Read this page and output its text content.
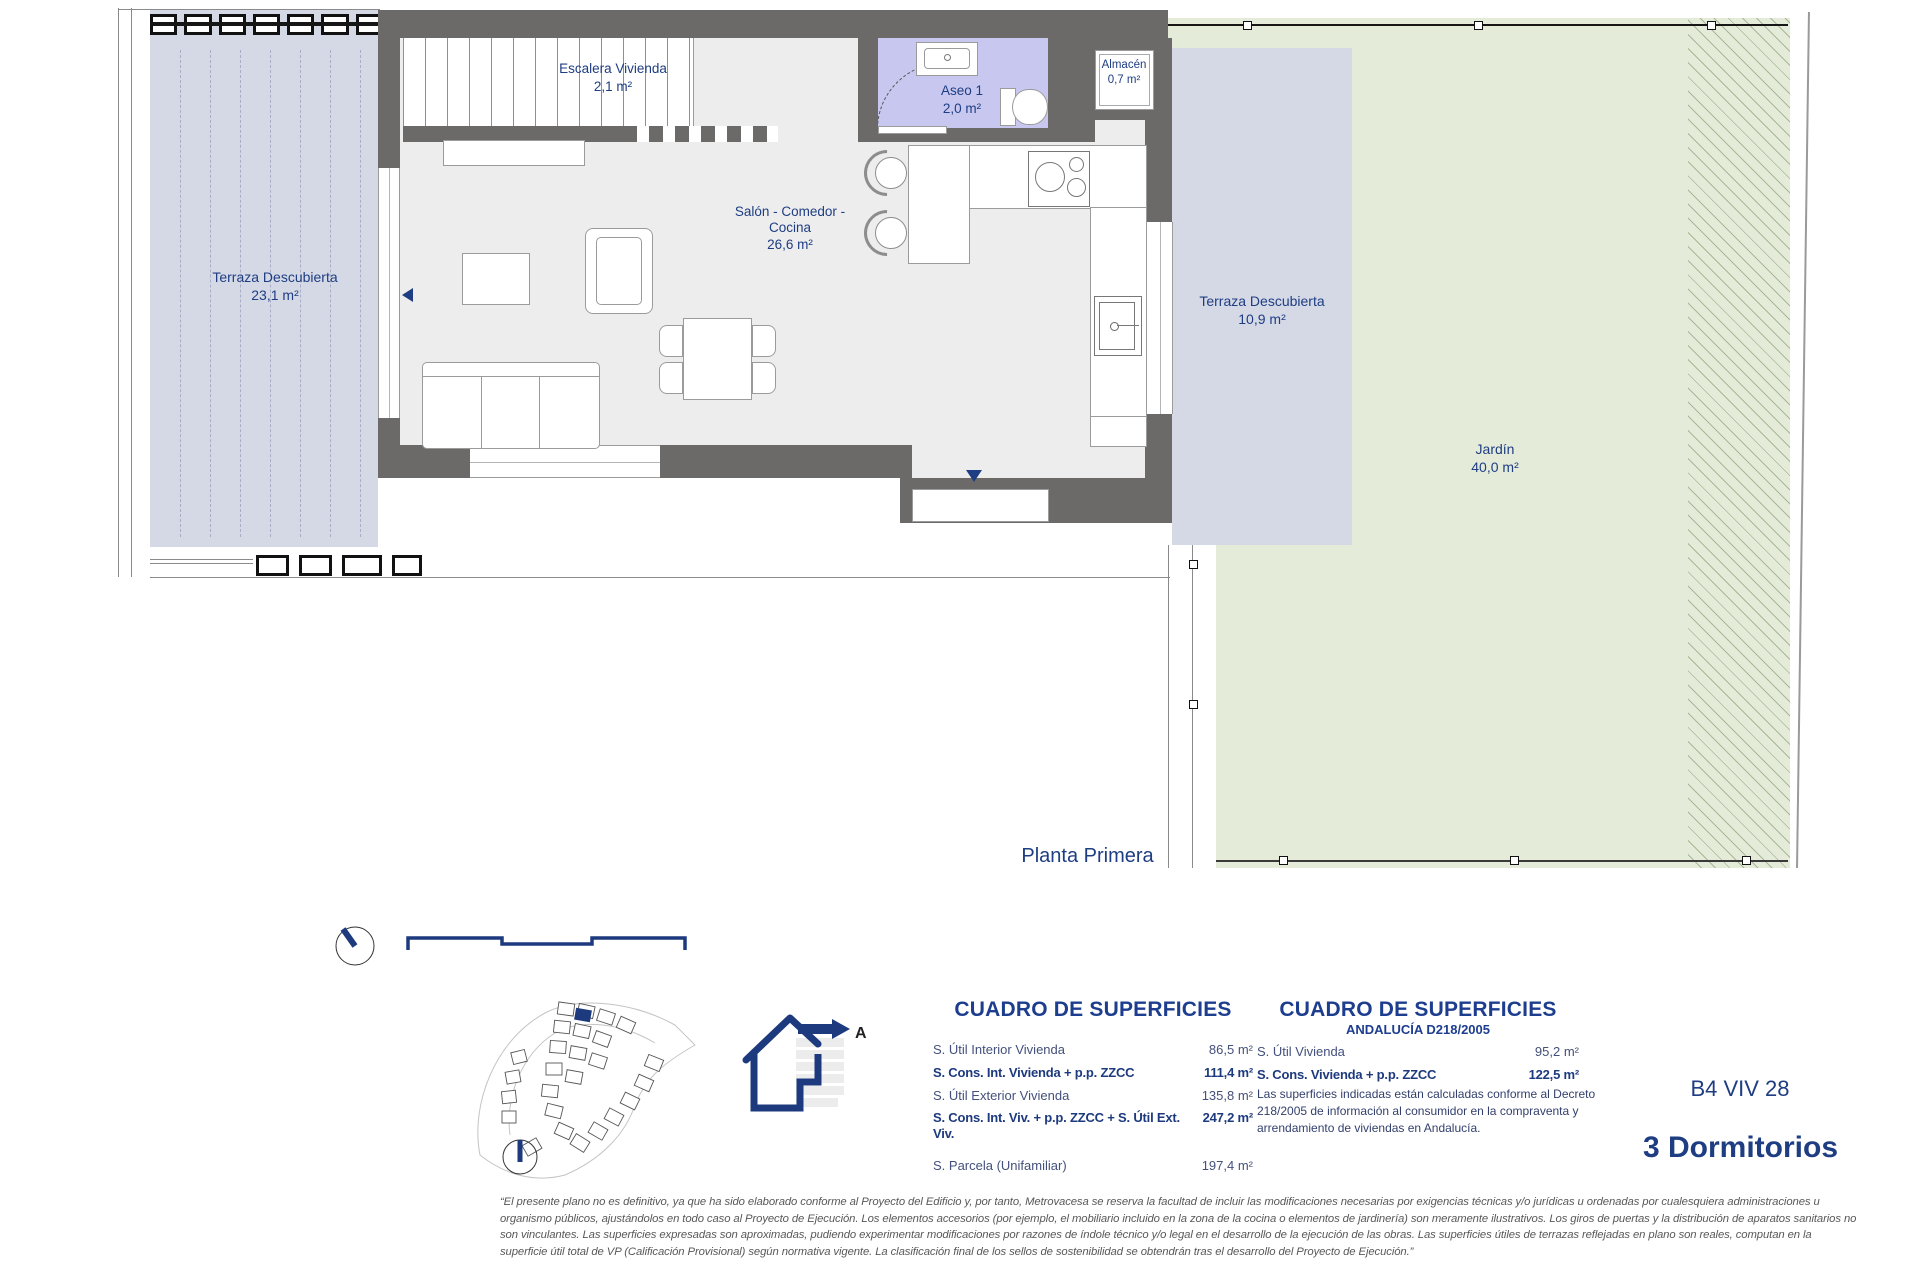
Terraza Descubierta
23,1 m²
Jardín
40,0 m²
Terraza Descubierta
10,9 m²
Escalera Vivienda
2,1 m²	Aseo 1
2,0 m²
Almacén
0,7 m²
Salón - Comedor -
Cocina
26,6 m²
Planta Primera
A
CUADRO DE SUPERFICIES
S. Útil Interior Vivienda	86,5 m²
S. Cons. Int. Vivienda + p.p. ZZCC	111,4 m²
S. Útil Exterior Vivienda	135,8 m²
S. Cons. Int. Viv. + p.p. ZZCC + S. Útil Ext. Viv.
247,2 m²
S. Parcela (Unifamiliar)	197,4 m²
CUADRO DE SUPERFICIES
ANDALUCÍA D218/2005
S. Útil Vivienda	95,2 m²
S. Cons. Vivienda + p.p. ZZCC	122,5 m²
Las superficies indicadas están calculadas conforme al Decreto
218/2005 de información al consumidor en la compraventa y
arrendamiento de viviendas en Andalucía.
B4 VIV 28
3 Dormitorios
“El presente plano no es definitivo, ya que ha sido elaborado conforme al Proyecto del Edificio y, por tanto, Metrovacesa se reserva la facultad de incluir las modificaciones necesarias por exigencias técnicas y/o jurídicas u ordenadas por cualesquiera administraciones u
organismo públicos, ajustándolos en todo caso al Proyecto de Ejecución. Los elementos accesorios (por ejemplo, el mobiliario incluido en la zona de la cocina o elementos de jardinería) son meramente ilustrativos. Los giros de puertas y la distribución de aparatos sanitarios no
son vinculantes. Las superficies expresadas son aproximadas, pudiendo experimentar modificaciones por razones de índole técnico y/o legal en el desarrollo de la ejecución de las obras. Las superficies útiles de terrazas reflejadas en plano son reales, computan en la
superficie útil total de VP (Calificación Provisional) según normativa vigente. La clasificación final de los sellos de sostenibilidad se obtendrán tras el desarrollo del Proyecto de Ejecución.”
